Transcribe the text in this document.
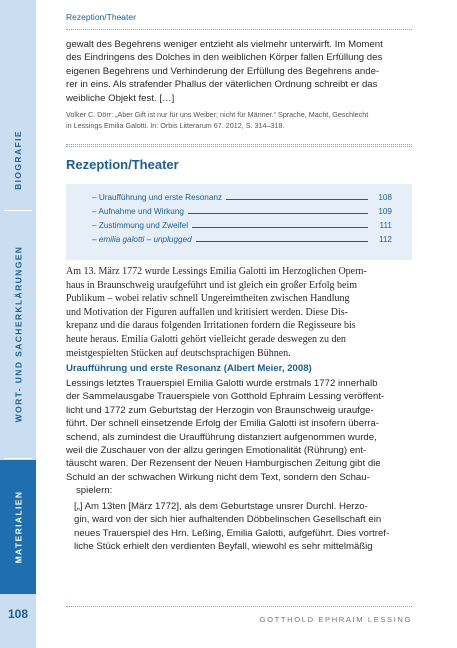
BIOGRAFIE
WORT- UND SACHERKLÄRUNGEN
MATERIALIEN
108
Rezeption/Theater
gewalt des Begehrens weniger entzieht als vielmehr unterwirft. Im Moment
des Eindringens des Dolches in den weiblichen Körper fallen Erfüllung des
eigenen Begehrens und Verhinderung der Erfüllung des Begehrens ande-
rer in eins. Als strafender Phallus der väterlichen Ordnung schreibt er das
weibliche Objekt fest. […]
Volker C. Dörr: „Aber Gift ist nur für uns Weiber; nicht für Männer.“ Sprache, Macht, Geschlecht
in Lessings Emilia Galotti. In: Orbis Litterarum 67. 2012, S. 314–318.
Rezeption/Theater
– Uraufführung und erste Resonanz	108
– Aufnahme und Wirkung	109
– Zustimmung und Zweifel	111
– emilia galotti – unplugged	112
Am 13. März 1772 wurde Lessings Emilia Galotti im Herzoglichen Opern-
haus in Braunschweig uraufgeführt und ist gleich ein großer Erfolg beim
Publikum – wobei relativ schnell Ungereimtheiten zwischen Handlung
und Motivation der Figuren auffallen und kritisiert werden. Diese Dis-
krepanz und die daraus folgenden Irritationen fordern die Regisseure bis
heute heraus. Emilia Galotti gehört vielleicht gerade deswegen zu den
meistgespielten Stücken auf deutschsprachigen Bühnen.
Uraufführung und erste Resonanz (Albert Meier, 2008)
Lessings letztes Trauerspiel Emilia Galotti wurde erstmals 1772 innerhalb
der Sammelausgabe Trauerspiele von Gotthold Ephraim Lessing veröffent-
licht und 1772 zum Geburtstag der Herzogin von Braunschweig uraufge-
führt. Der schnell einsetzende Erfolg der Emilia Galotti ist insofern überra-
schend, als zumindest die Uraufführung distanziert aufgenommen wurde,
weil die Zuschauer von der allzu geringen Emotionalität (Rührung) ent-
täuscht waren. Der Rezensent der Neuen Hamburgischen Zeitung gibt die
Schuld an der schwachen Wirkung nicht dem Text, sondern den Schau-
spielern:
[„] Am 13ten [März 1772], als dem Geburtstage unsrer Durchl. Herzo-
gin, ward von der sich hier aufhaltenden Döbbelinschen Gesellschaft ein
neues Trauerspiel des Hrn. Leßing, Emilia Galotti, aufgeführt. Dies vortref-
liche Stück erhielt den verdienten Beyfall, wiewohl es sehr mittelmäßig
GOTTHOLD EPHRAIM LESSING
